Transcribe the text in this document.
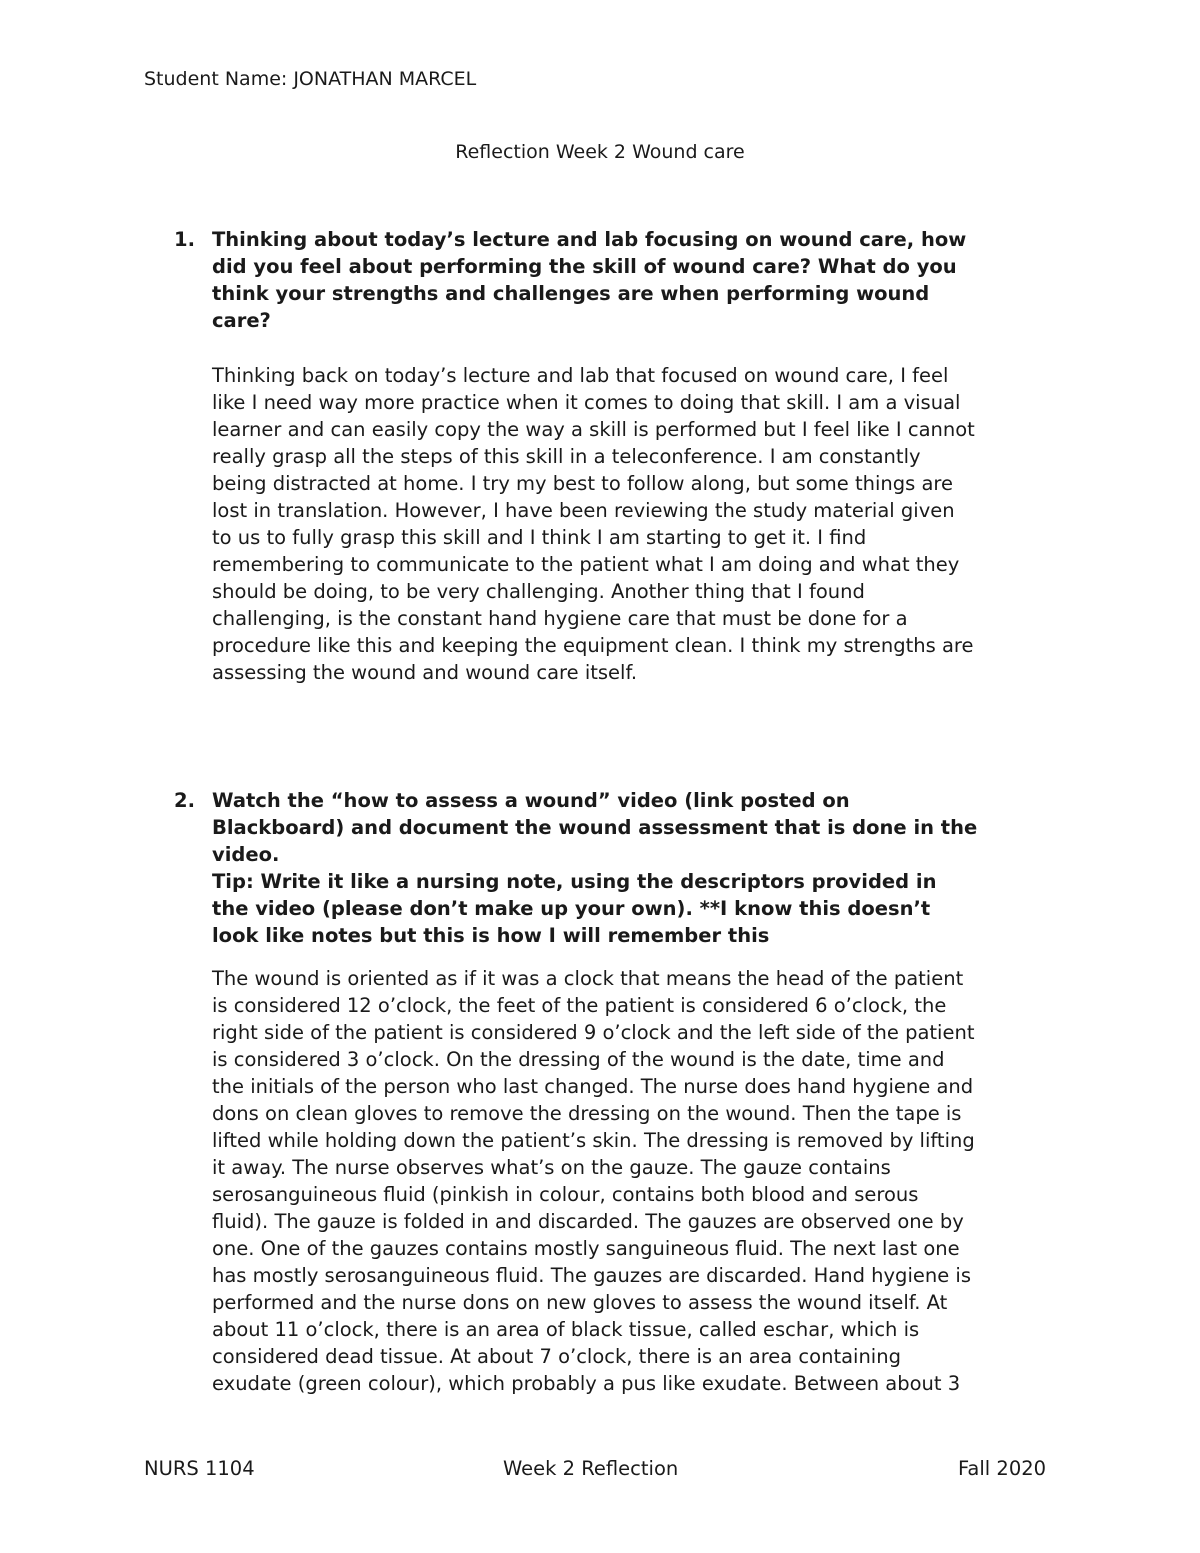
Student Name: JONATHAN MARCEL
Reflection Week 2 Wound care
1. Thinking about today’s lecture and lab focusing on wound care, how
did you feel about performing the skill of wound care? What do you
think your strengths and challenges are when performing wound
care?
Thinking back on today’s lecture and lab that focused on wound care, I feel
like I need way more practice when it comes to doing that skill. I am a visual
learner and can easily copy the way a skill is performed but I feel like I cannot
really grasp all the steps of this skill in a teleconference. I am constantly
being distracted at home. I try my best to follow along, but some things are
lost in translation. However, I have been reviewing the study material given
to us to fully grasp this skill and I think I am starting to get it. I find
remembering to communicate to the patient what I am doing and what they
should be doing, to be very challenging. Another thing that I found
challenging, is the constant hand hygiene care that must be done for a
procedure like this and keeping the equipment clean. I think my strengths are
assessing the wound and wound care itself.
2. Watch the “how to assess a wound” video (link posted on
Blackboard) and document the wound assessment that is done in the
video.
Tip: Write it like a nursing note, using the descriptors provided in
the video (please don’t make up your own). **I know this doesn’t
look like notes but this is how I will remember this
The wound is oriented as if it was a clock that means the head of the patient
is considered 12 o’clock, the feet of the patient is considered 6 o’clock, the
right side of the patient is considered 9 o’clock and the left side of the patient
is considered 3 o’clock. On the dressing of the wound is the date, time and
the initials of the person who last changed. The nurse does hand hygiene and
dons on clean gloves to remove the dressing on the wound. Then the tape is
lifted while holding down the patient’s skin. The dressing is removed by lifting
it away. The nurse observes what’s on the gauze. The gauze contains
serosanguineous fluid (pinkish in colour, contains both blood and serous
fluid). The gauze is folded in and discarded. The gauzes are observed one by
one. One of the gauzes contains mostly sanguineous fluid. The next last one
has mostly serosanguineous fluid. The gauzes are discarded. Hand hygiene is
performed and the nurse dons on new gloves to assess the wound itself. At
about 11 o’clock, there is an area of black tissue, called eschar, which is
considered dead tissue. At about 7 o’clock, there is an area containing
exudate (green colour), which probably a pus like exudate. Between about 3
NURS 1104	Week 2 Reflection	Fall 2020
